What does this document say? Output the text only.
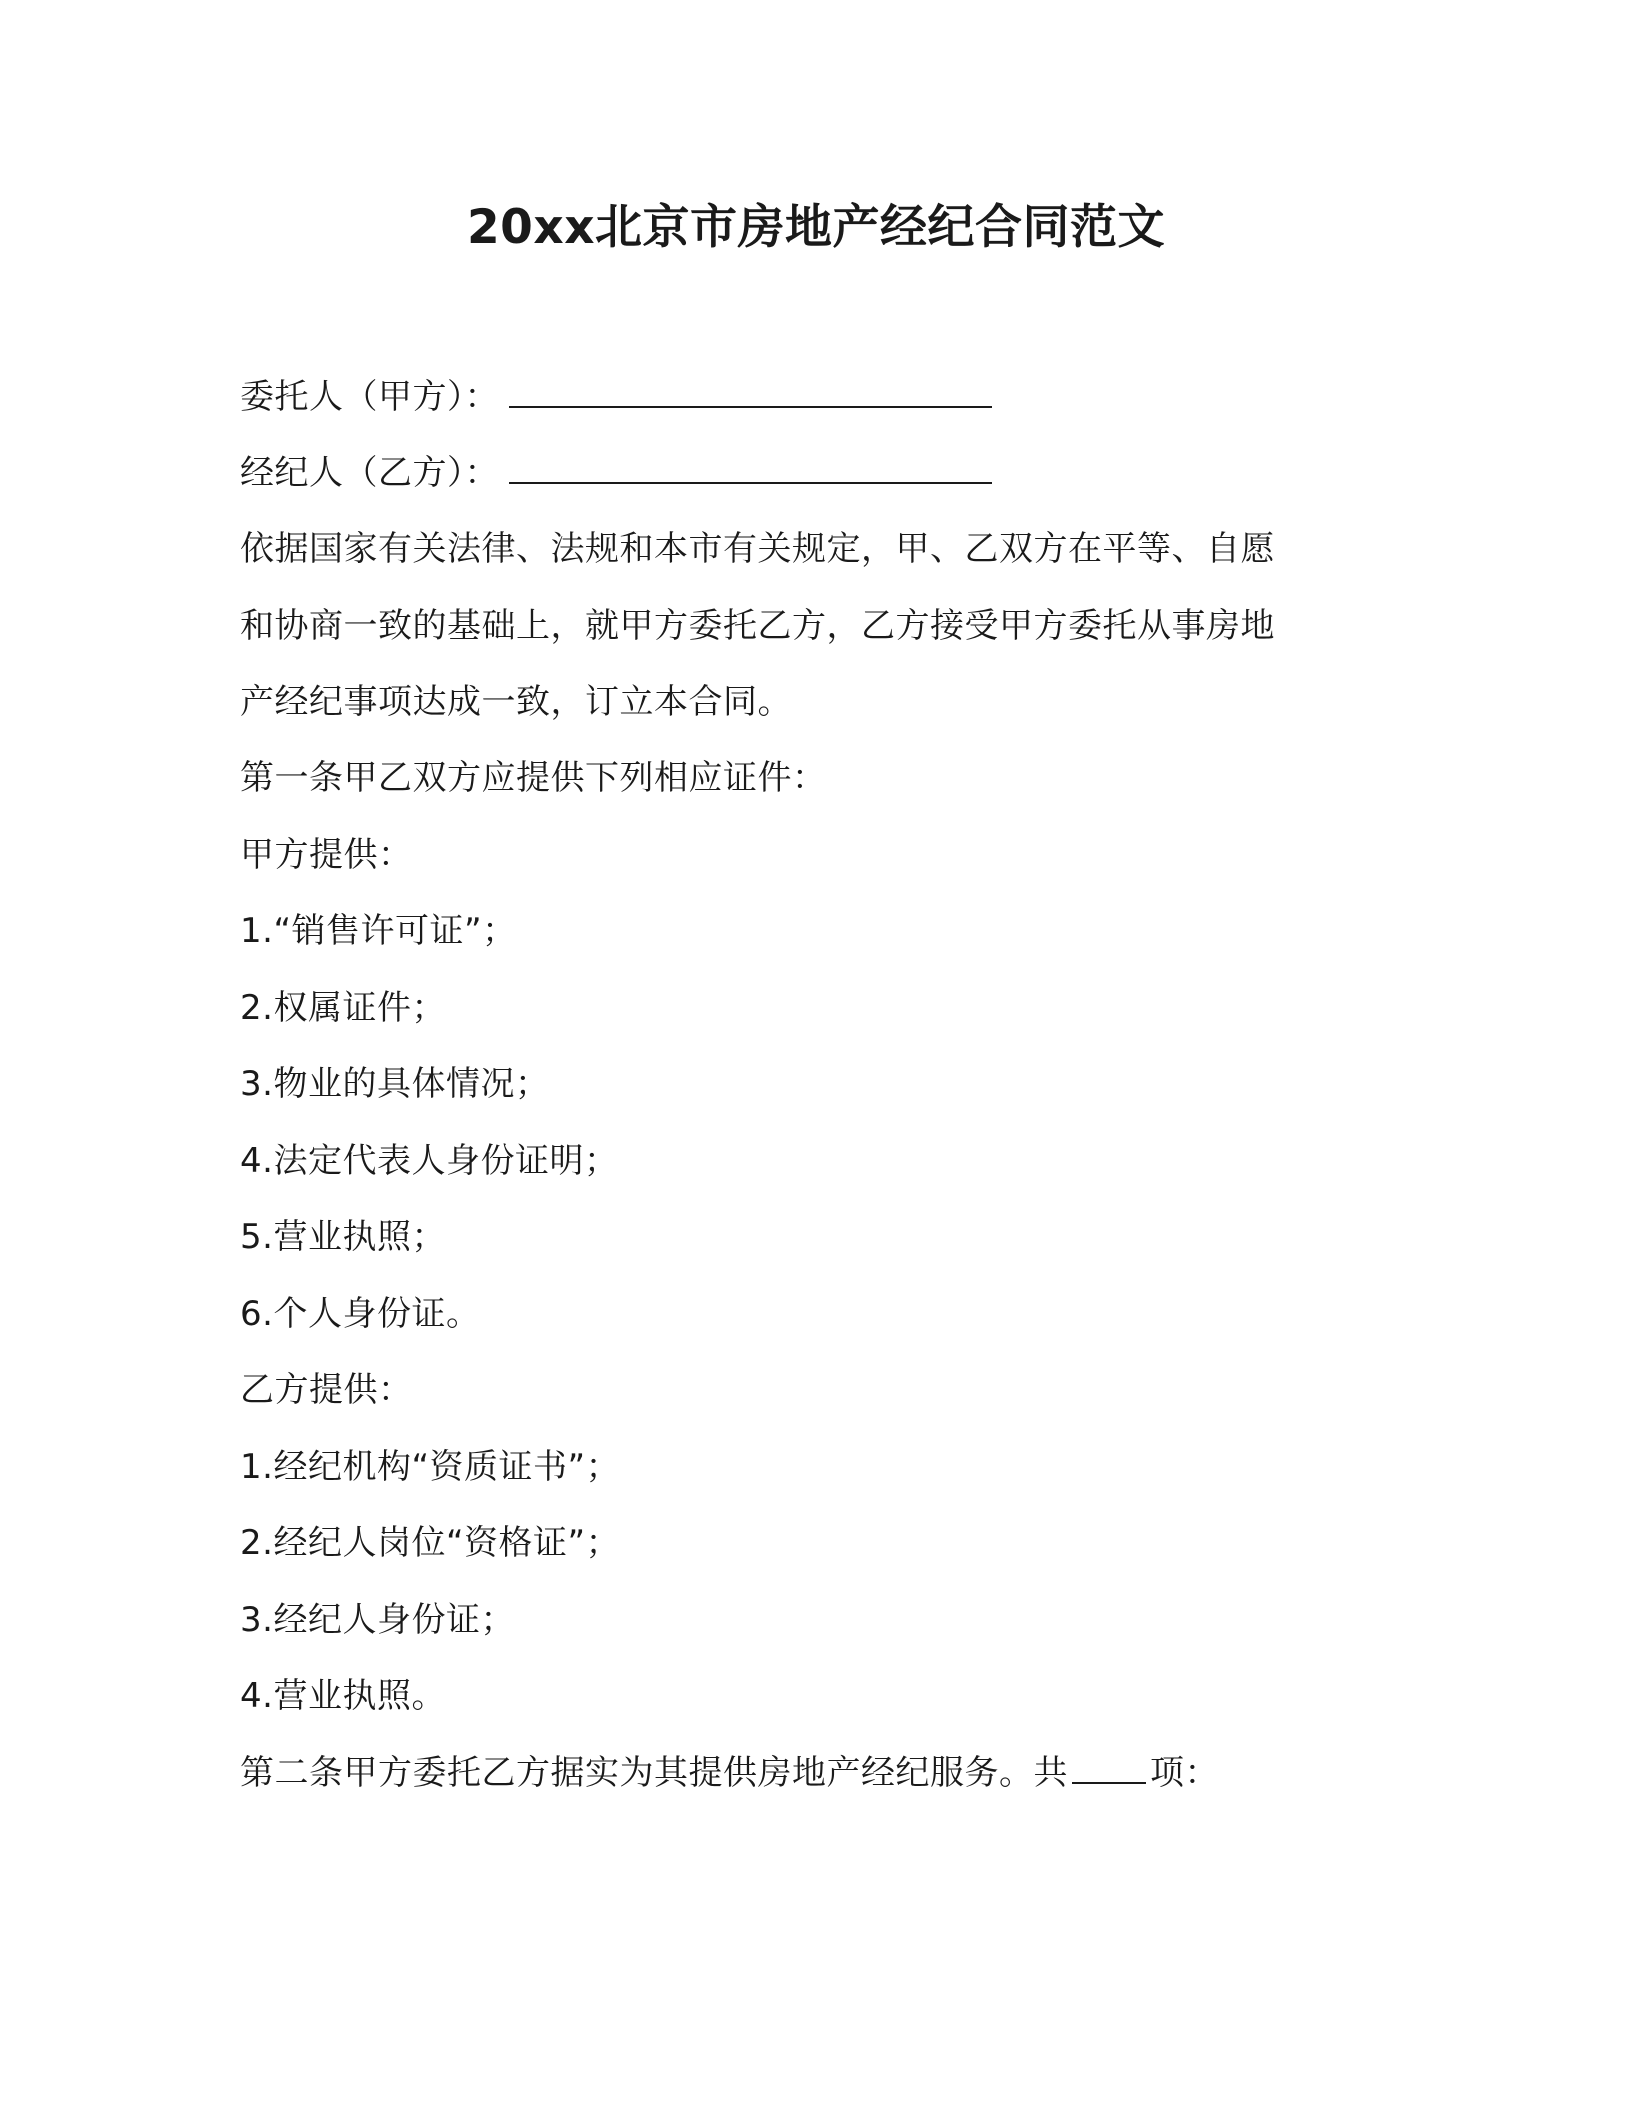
20xx北京市房地产经纪合同范文
委托人（甲方）：
经纪人（乙方）：
依据国家有关法律、法规和本市有关规定，甲、乙双方在平等、自愿
和协商一致的基础上，就甲方委托乙方，乙方接受甲方委托从事房地
产经纪事项达成一致，订立本合同。
第一条甲乙双方应提供下列相应证件：
甲方提供：
1.“销售许可证”；
2.权属证件；
3.物业的具体情况；
4.法定代表人身份证明；
5.营业执照；
6.个人身份证。
乙方提供：
1.经纪机构“资质证书”；
2.经纪人岗位“资格证”；
3.经纪人身份证；
4.营业执照。
第二条甲方委托乙方据实为其提供房地产经纪服务。共 项：
